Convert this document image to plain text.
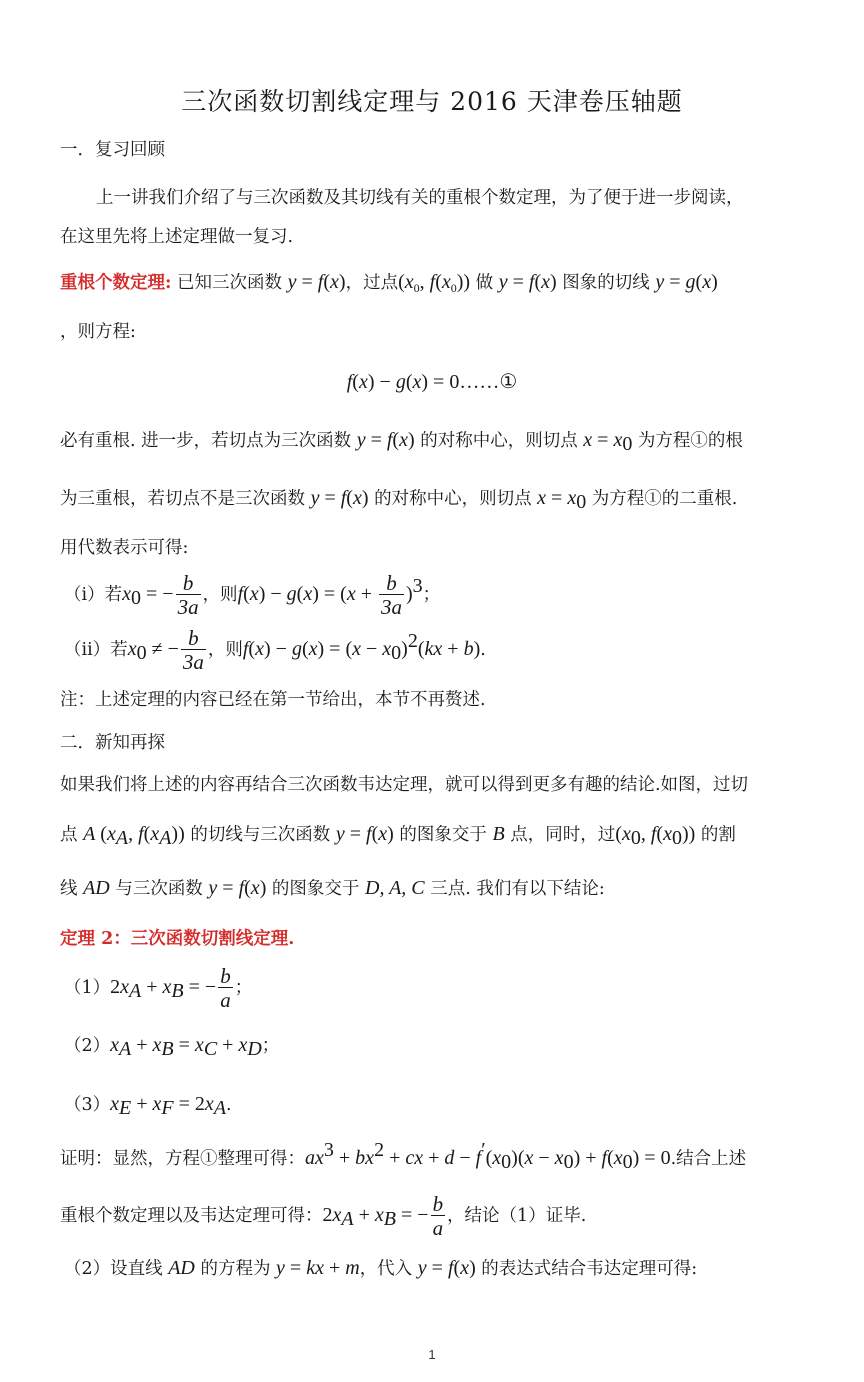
三次函数切割线定理与 2016 天津卷压轴题
一．复习回顾
上一讲我们介绍了与三次函数及其切线有关的重根个数定理，为了便于进一步阅读，
在这里先将上述定理做一复习.
重根个数定理: 已知三次函数 y = f(x)，过点($x_0$, $f(x_0)$) 做 y = f(x) 图象的切线 y = g(x)
，则方程:
f(x) − g(x) = 0……①
必有重根. 进一步，若切点为三次函数 y = f(x) 的对称中心，则切点 $x = x_0$ 为方程①的根
为三重根，若切点不是三次函数 y = f(x) 的对称中心，则切点 $x = x_0$ 为方程①的二重根.
用代数表示可得:
（i）若$x_0$ = − $\frac{b}{3a}$ ，则$f(x) - g(x) = (x + \frac{b}{3a} )^3$；
（ii）若$x_0$ ≠ − $\frac{b}{3a}$ ，则$f(x) - g(x) = (x - x_0)^2(kx + b)$.
注：上述定理的内容已经在第一节给出，本节不再赘述.
二．新知再探
如果我们将上述的内容再结合三次函数韦达定理，就可以得到更多有趣的结论.如图，过切
点 A ($x_A$, $f(x_A)$) 的切线与三次函数 y = f(x) 的图象交于 B 点，同时，过($x_0$, $f(x_0)$) 的割
线 AD 与三次函数 y = f(x) 的图象交于 D, A, C 三点. 我们有以下结论:
定理 2：三次函数切割线定理.
$(1)2x_A + x_B$ = − $\frac{b}{a}$ ；
$(2)x_A + x_B = x_C + x_D$；
$(3)x_E + x_F = 2x_A$.
证明：显然，方程①整理可得：$ax^3 + bx^2$ + cx + $d - f'(x_0)(x - x_0) + f(x_0) = 0$.结合上述
重根个数定理以及韦达定理可得：$2x_A + x_B$ = − $\frac{b}{a}$ ，结论（1）证毕.
（2）设直线 AD 的方程为 y = kx + m，代入 y = f(x) 的表达式结合韦达定理可得:
1
